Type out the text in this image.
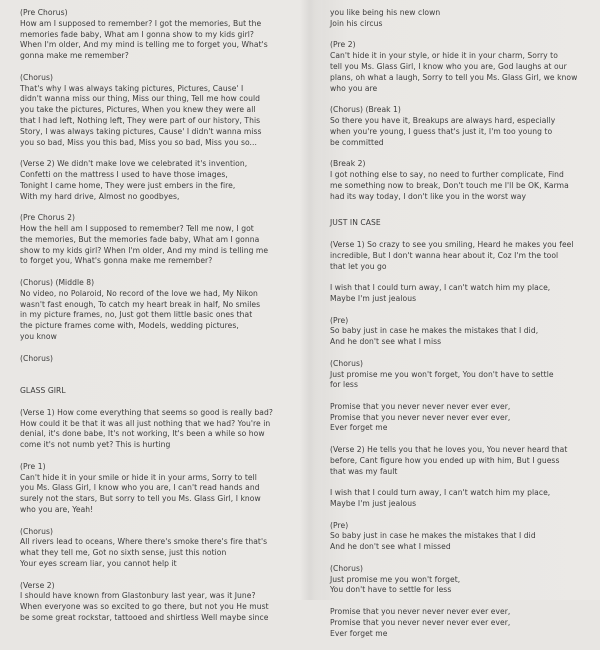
(Pre Chorus)
How am I supposed to remember? I got the memories, But the
memories fade baby, What am I gonna show to my kids girl?
When I'm older, And my mind is telling me to forget you, What's
gonna make me remember?

(Chorus)
That's why I was always taking pictures, Pictures, Cause' I
didn't wanna miss our thing, Miss our thing, Tell me how could
you take the pictures, Pictures, When you knew they were all
that I had left, Nothing left, They were part of our history, This
Story, I was always taking pictures, Cause' I didn't wanna miss
you so bad, Miss you this bad, Miss you so bad, Miss you so...

(Verse 2) We didn't make love we celebrated it's invention,
Confetti on the mattress I used to have those images,
Tonight I came home, They were just embers in the fire,
With my hard drive, Almost no goodbyes,

(Pre Chorus 2)
How the hell am I supposed to remember? Tell me now, I got
the memories, But the memories fade baby, What am I gonna
show to my kids girl? When I'm older, And my mind is telling me
to forget you, What's gonna make me remember?

(Chorus) (Middle 8)
No video, no Polaroid, No record of the love we had, My Nikon
wasn't fast enough, To catch my heart break in half, No smiles
in my picture frames, no, Just got them little basic ones that
the picture frames come with, Models, wedding pictures,
you know

(Chorus)

GLASS GIRL

(Verse 1) How come everything that seems so good is really bad?
How could it be that it was all just nothing that we had? You're in
denial, it's done babe, It's not working, It's been a while so how
come it's not numb yet? This is hurting

(Pre 1)
Can't hide it in your smile or hide it in your arms, Sorry to tell
you Ms. Glass Girl, I know who you are, I can't read hands and
surely not the stars, But sorry to tell you Ms. Glass Girl, I know
who you are, Yeah!

(Chorus)
All rivers lead to oceans, Where there's smoke there's fire that's
what they tell me, Got no sixth sense, just this notion
Your eyes scream liar, you cannot help it

(Verse 2)
I should have known from Glastonbury last year, was it June?
When everyone was so excited to go there, but not you He must
be some great rockstar, tattooed and shirtless Well maybe since

you like being his new clown
Join his circus

(Pre 2)
Can't hide it in your style, or hide it in your charm, Sorry to
tell you Ms. Glass Girl, I know who you are, God laughs at our
plans, oh what a laugh, Sorry to tell you Ms. Glass Girl, we know
who you are

(Chorus) (Break 1)
So there you have it, Breakups are always hard, especially
when you're young, I guess that's just it, I'm too young to
be committed

(Break 2)
I got nothing else to say, no need to further complicate, Find
me something now to break, Don't touch me I'll be OK, Karma
had its way today, I don't like you in the worst way

JUST IN CASE

(Verse 1) So crazy to see you smiling, Heard he makes you feel
incredible, But I don't wanna hear about it, Coz I'm the tool
that let you go

I wish that I could turn away, I can't watch him my place,
Maybe I'm just jealous

(Pre)
So baby just in case he makes the mistakes that I did,
And he don't see what I miss

(Chorus)
Just promise me you won't forget, You don't have to settle
for less

Promise that you never never never ever ever,
Promise that you never never never ever ever,
Ever forget me

(Verse 2) He tells you that he loves you, You never heard that
before, Cant figure how you ended up with him, But I guess
that was my fault

I wish that I could turn away, I can't watch him my place,
Maybe I'm just jealous

(Pre)
So baby just in case he makes the mistakes that I did
And he don't see what I missed

(Chorus)
Just promise me you won't forget,
You don't have to settle for less

Promise that you never never never ever ever,
Promise that you never never never ever ever,
Ever forget me
